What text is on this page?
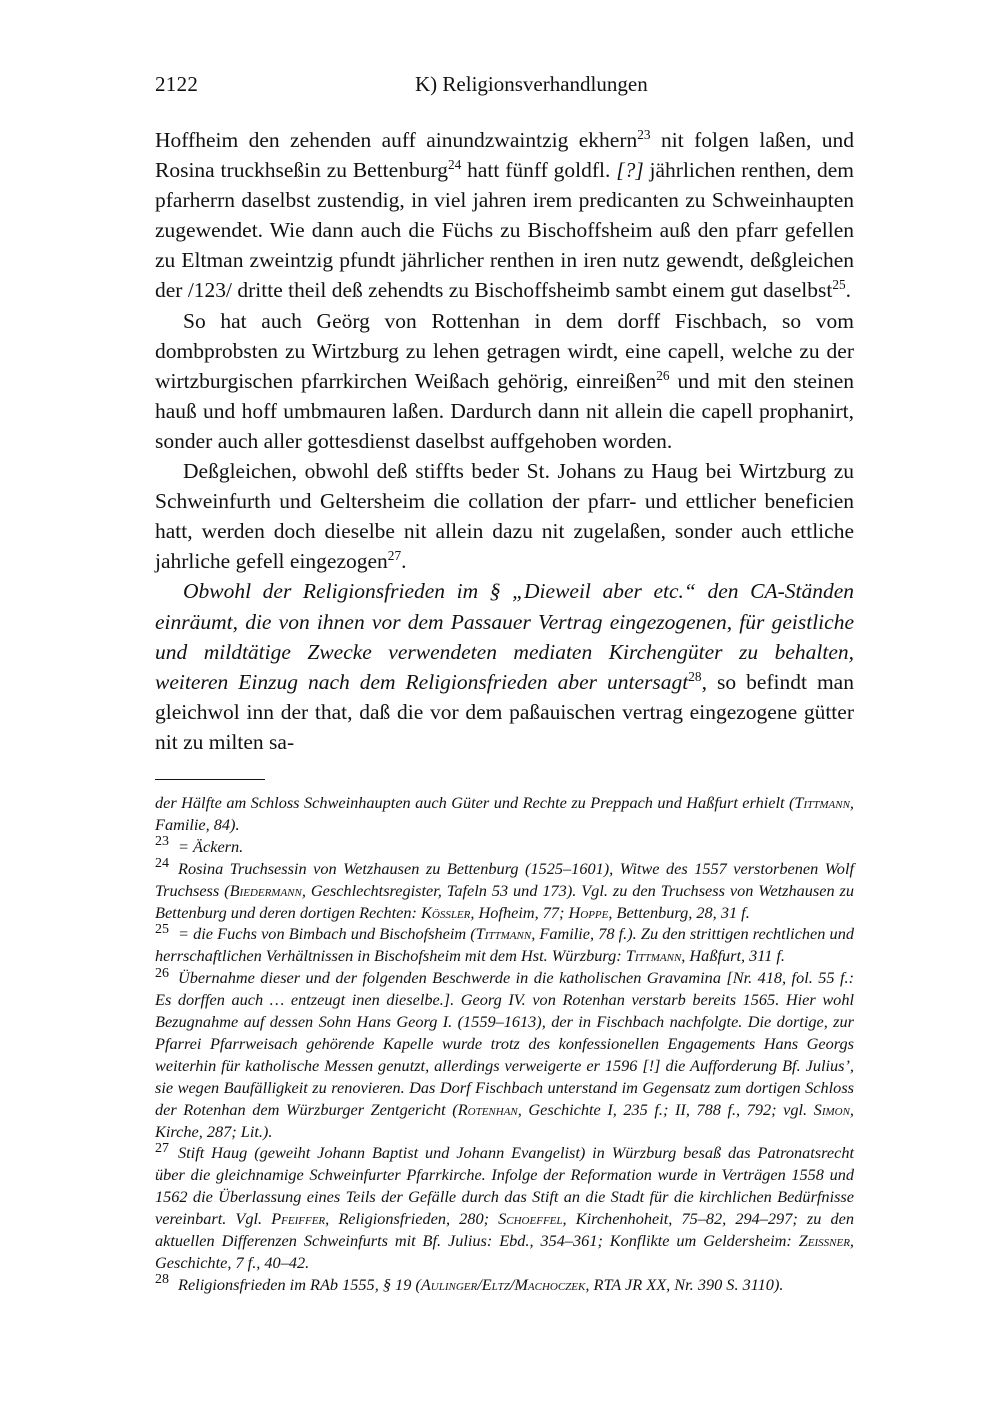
2122	K) Religionsverhandlungen

Hoffheim den zehenden auff ainundzwaintzig ekhern$^{23}$ nit folgen laßen, und Rosina truckhseßin zu Bettenburg$^{24}$ hatt fünff goldfl. [?] jährlichen renthen, dem pfarherrn daselbst zustendig, in viel jahren irem predicanten zu Schweinhaupten zugewendet. Wie dann auch die Füchs zu Bischoffsheim auß den pfarr gefellen zu Eltman zweintzig pfundt jährlicher renthen in iren nutz gewendt, deßgleichen der /123/ dritte theil deß zehendts zu Bischoffsheimb sambt einem gut daselbst$^{25}$.

So hat auch Geörg von Rottenhan in dem dorff Fischbach, so vom dombprobsten zu Wirtzburg zu lehen getragen wirdt, eine capell, welche zu der wirtzburgischen pfarrkirchen Weißach gehörig, einreißen$^{26}$ und mit den steinen hauß und hoff umbmauren laßen. Dardurch dann nit allein die capell prophanirt, sonder auch aller gottesdienst daselbst auffgehoben worden.

Deßgleichen, obwohl deß stiffts beder St. Johans zu Haug bei Wirtzburg zu Schweinfurth und Geltersheim die collation der pfarr- und ettlicher beneficien hatt, werden doch dieselbe nit allein dazu nit zugelaßen, sonder auch ettliche jahrliche gefell eingezogen$^{27}$.

Obwohl der Religionsfrieden im § „Dieweil aber etc.“ den CA-Ständen einräumt, die von ihnen vor dem Passauer Vertrag eingezogenen, für geistliche und mildtätige Zwecke verwendeten mediaten Kirchengüter zu behalten, weiteren Einzug nach dem Religionsfrieden aber untersagt$^{28}$, so befindt man gleichwol inn der that, daß die vor dem paßauischen vertrag eingezogene gütter nit zu milten sa-

der Hälfte am Schloss Schweinhaupten auch Güter und Rechte zu Preppach und Haßfurt erhielt (Tittmann, Familie, 84).

23 = Äckern.

24 Rosina Truchsessin von Wetzhausen zu Bettenburg (1525–1601), Witwe des 1557 verstorbenen Wolf Truchsess (Biedermann, Geschlechtsregister, Tafeln 53 und 173). Vgl. zu den Truchsess von Wetzhausen zu Bettenburg und deren dortigen Rechten: Kössler, Hofheim, 77; Hoppe, Bettenburg, 28, 31 f.

25 = die Fuchs von Bimbach und Bischofsheim (Tittmann, Familie, 78 f.). Zu den strittigen rechtlichen und herrschaftlichen Verhältnissen in Bischofsheim mit dem Hst. Würzburg: Tittmann, Haßfurt, 311 f.

26 Übernahme dieser und der folgenden Beschwerde in die katholischen Gravamina [Nr. 418, fol. 55 f.: Es dorffen auch … entzeugt inen dieselbe.]. Georg IV. von Rotenhan verstarb bereits 1565. Hier wohl Bezugnahme auf dessen Sohn Hans Georg I. (1559–1613), der in Fischbach nachfolgte. Die dortige, zur Pfarrei Pfarrweisach gehörende Kapelle wurde trotz des konfessionellen Engagements Hans Georgs weiterhin für katholische Messen genutzt, allerdings verweigerte er 1596 [!] die Aufforderung Bf. Julius’, sie wegen Baufälligkeit zu renovieren. Das Dorf Fischbach unterstand im Gegensatz zum dortigen Schloss der Rotenhan dem Würzburger Zentgericht (Rotenhan, Geschichte I, 235 f.; II, 788 f., 792; vgl. Simon, Kirche, 287; Lit.).

27 Stift Haug (geweiht Johann Baptist und Johann Evangelist) in Würzburg besaß das Patronatsrecht über die gleichnamige Schweinfurter Pfarrkirche. Infolge der Reformation wurde in Verträgen 1558 und 1562 die Überlassung eines Teils der Gefälle durch das Stift an die Stadt für die kirchlichen Bedürfnisse vereinbart. Vgl. Pfeiffer, Religionsfrieden, 280; Schoeffel, Kirchenhoheit, 75–82, 294–297; zu den aktuellen Differenzen Schweinfurts mit Bf. Julius: Ebd., 354–361; Konflikte um Geldersheim: Zeissner, Geschichte, 7 f., 40–42.

28 Religionsfrieden im RAb 1555, § 19 (Aulinger/Eltz/Machoczek, RTA JR XX, Nr. 390 S. 3110).
